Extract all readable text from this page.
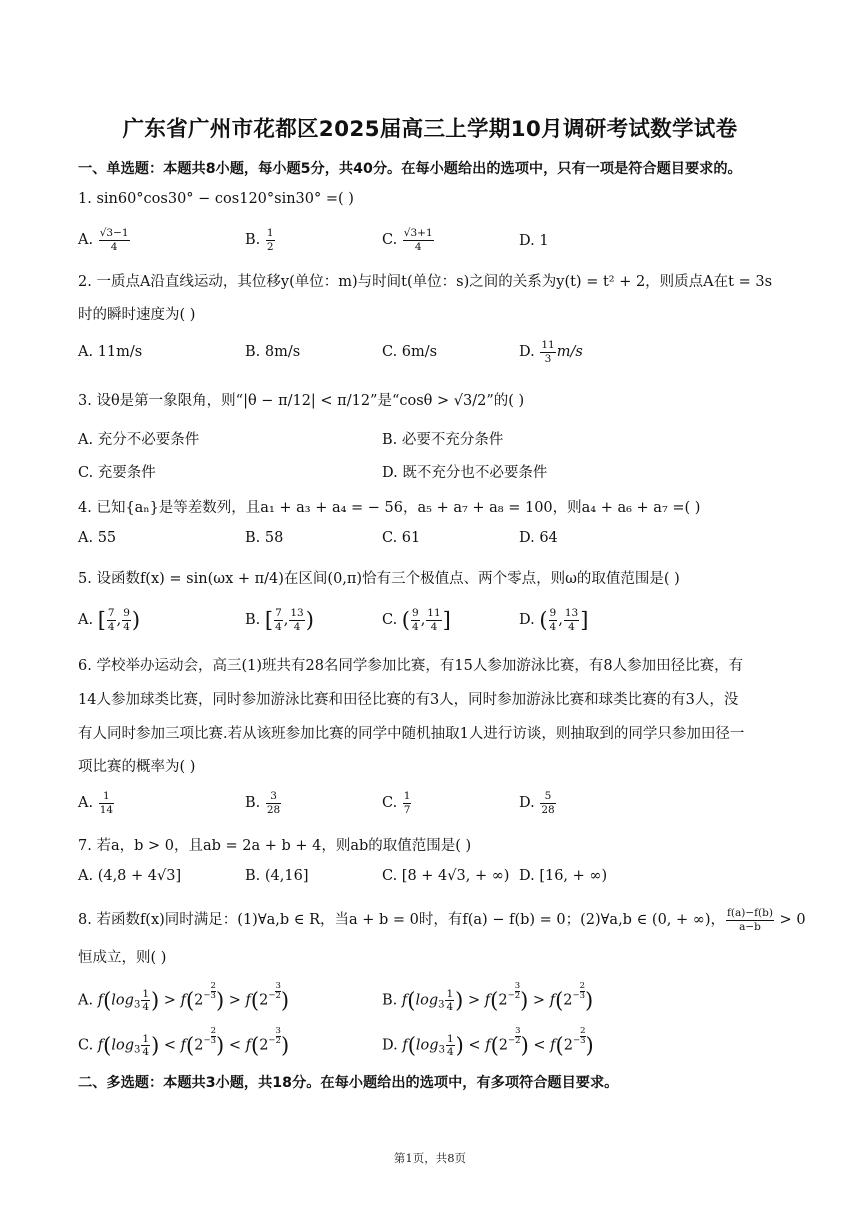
广东省广州市花都区2025届高三上学期10月调研考试数学试卷
一、单选题：本题共8小题，每小题5分，共40分。在每小题给出的选项中，只有一项是符合题目要求的。
1. sin60°cos30° − cos120°sin30° =( )
A. $\frac{√3-1}{4}$	B. $\frac{1}{2}$	C. $\frac{√3+1}{4}$	D. 1
2. 一质点A沿直线运动，其位移y(单位：m)与时间t(单位：s)之间的关系为y(t) = t² + 2，则质点A在t = 3s
时的瞬时速度为( )
A. 11m/s	B. 8m/s	C. 6m/s	D. $\frac{11}{3} m/s$
3. 设θ是第一象限角，则“|θ − π/12| < π/12”是“cosθ > √3/2”的( )
A. 充分不必要条件	B. 必要不充分条件
C. 充要条件	D. 既不充分也不必要条件
4. 已知{aₙ}是等差数列，且a₁ + a₃ + a₄ = − 56，a₅ + a₇ + a₈ = 100，则a₄ + a₆ + a₇ =( )
A. 55	B. 58	C. 61	D. 64
5. 设函数f(x) = sin(ωx + π/4)在区间(0,π)恰有三个极值点、两个零点，则ω的取值范围是( )
A. [ $\frac{7}{4}$ , $\frac{9}{4}$ )	B. [ $\frac{7}{4}$ , $\frac{13}{4}$ )	C. ( $\frac{9}{4}$ , $\frac{11}{4}$ ]	D. ( $\frac{9}{4}$ , $\frac{13}{4}$ ]
6. 学校举办运动会，高三(1)班共有28名同学参加比赛，有15人参加游泳比赛，有8人参加田径比赛，有
14人参加球类比赛，同时参加游泳比赛和田径比赛的有3人，同时参加游泳比赛和球类比赛的有3人，没
有人同时参加三项比赛.若从该班参加比赛的同学中随机抽取1人进行访谈，则抽取到的同学只参加田径一
项比赛的概率为( )
A. $\frac{1}{14}$	B. $\frac{3}{28}$	C. $\frac{1}{7}$	D. $\frac{5}{28}$
7. 若a，b > 0，且ab = 2a + b + 4，则ab的取值范围是( )
A. (4,8 + 4√3]	B. (4,16]	C. [8 + 4√3, + ∞) D. [16, + ∞)
8. 若函数f(x)同时满足：(1)∀a,b ∈ R，当a + b = 0时，有f(a) − f(b) = 0；(2)∀a,b ∈ (0, + ∞)， $\frac{f(a)-f(b)}{a-b} > 0$
恒成立，则( )
A. $f(\log_3 \frac{1}{4}$ ) > $f(2- \frac{2}{3}$ ) > $f(2- \frac{3}{2}$ )	B. $f(\log_3 \frac{1}{4}$ ) > $f(2- \frac{3}{2}$ ) > $f(2- \frac{2}{3}$ )
C. $f(\log_3 \frac{1}{4}$ ) < $f(2- \frac{2}{3}$ ) < $f(2- \frac{3}{2}$ )	D. $f(\log_3 \frac{1}{4}$ ) < $f(2- \frac{3}{2}$ ) < $f(2- \frac{2}{3}$ )
二、多选题：本题共3小题，共18分。在每小题给出的选项中，有多项符合题目要求。
第1页，共8页
